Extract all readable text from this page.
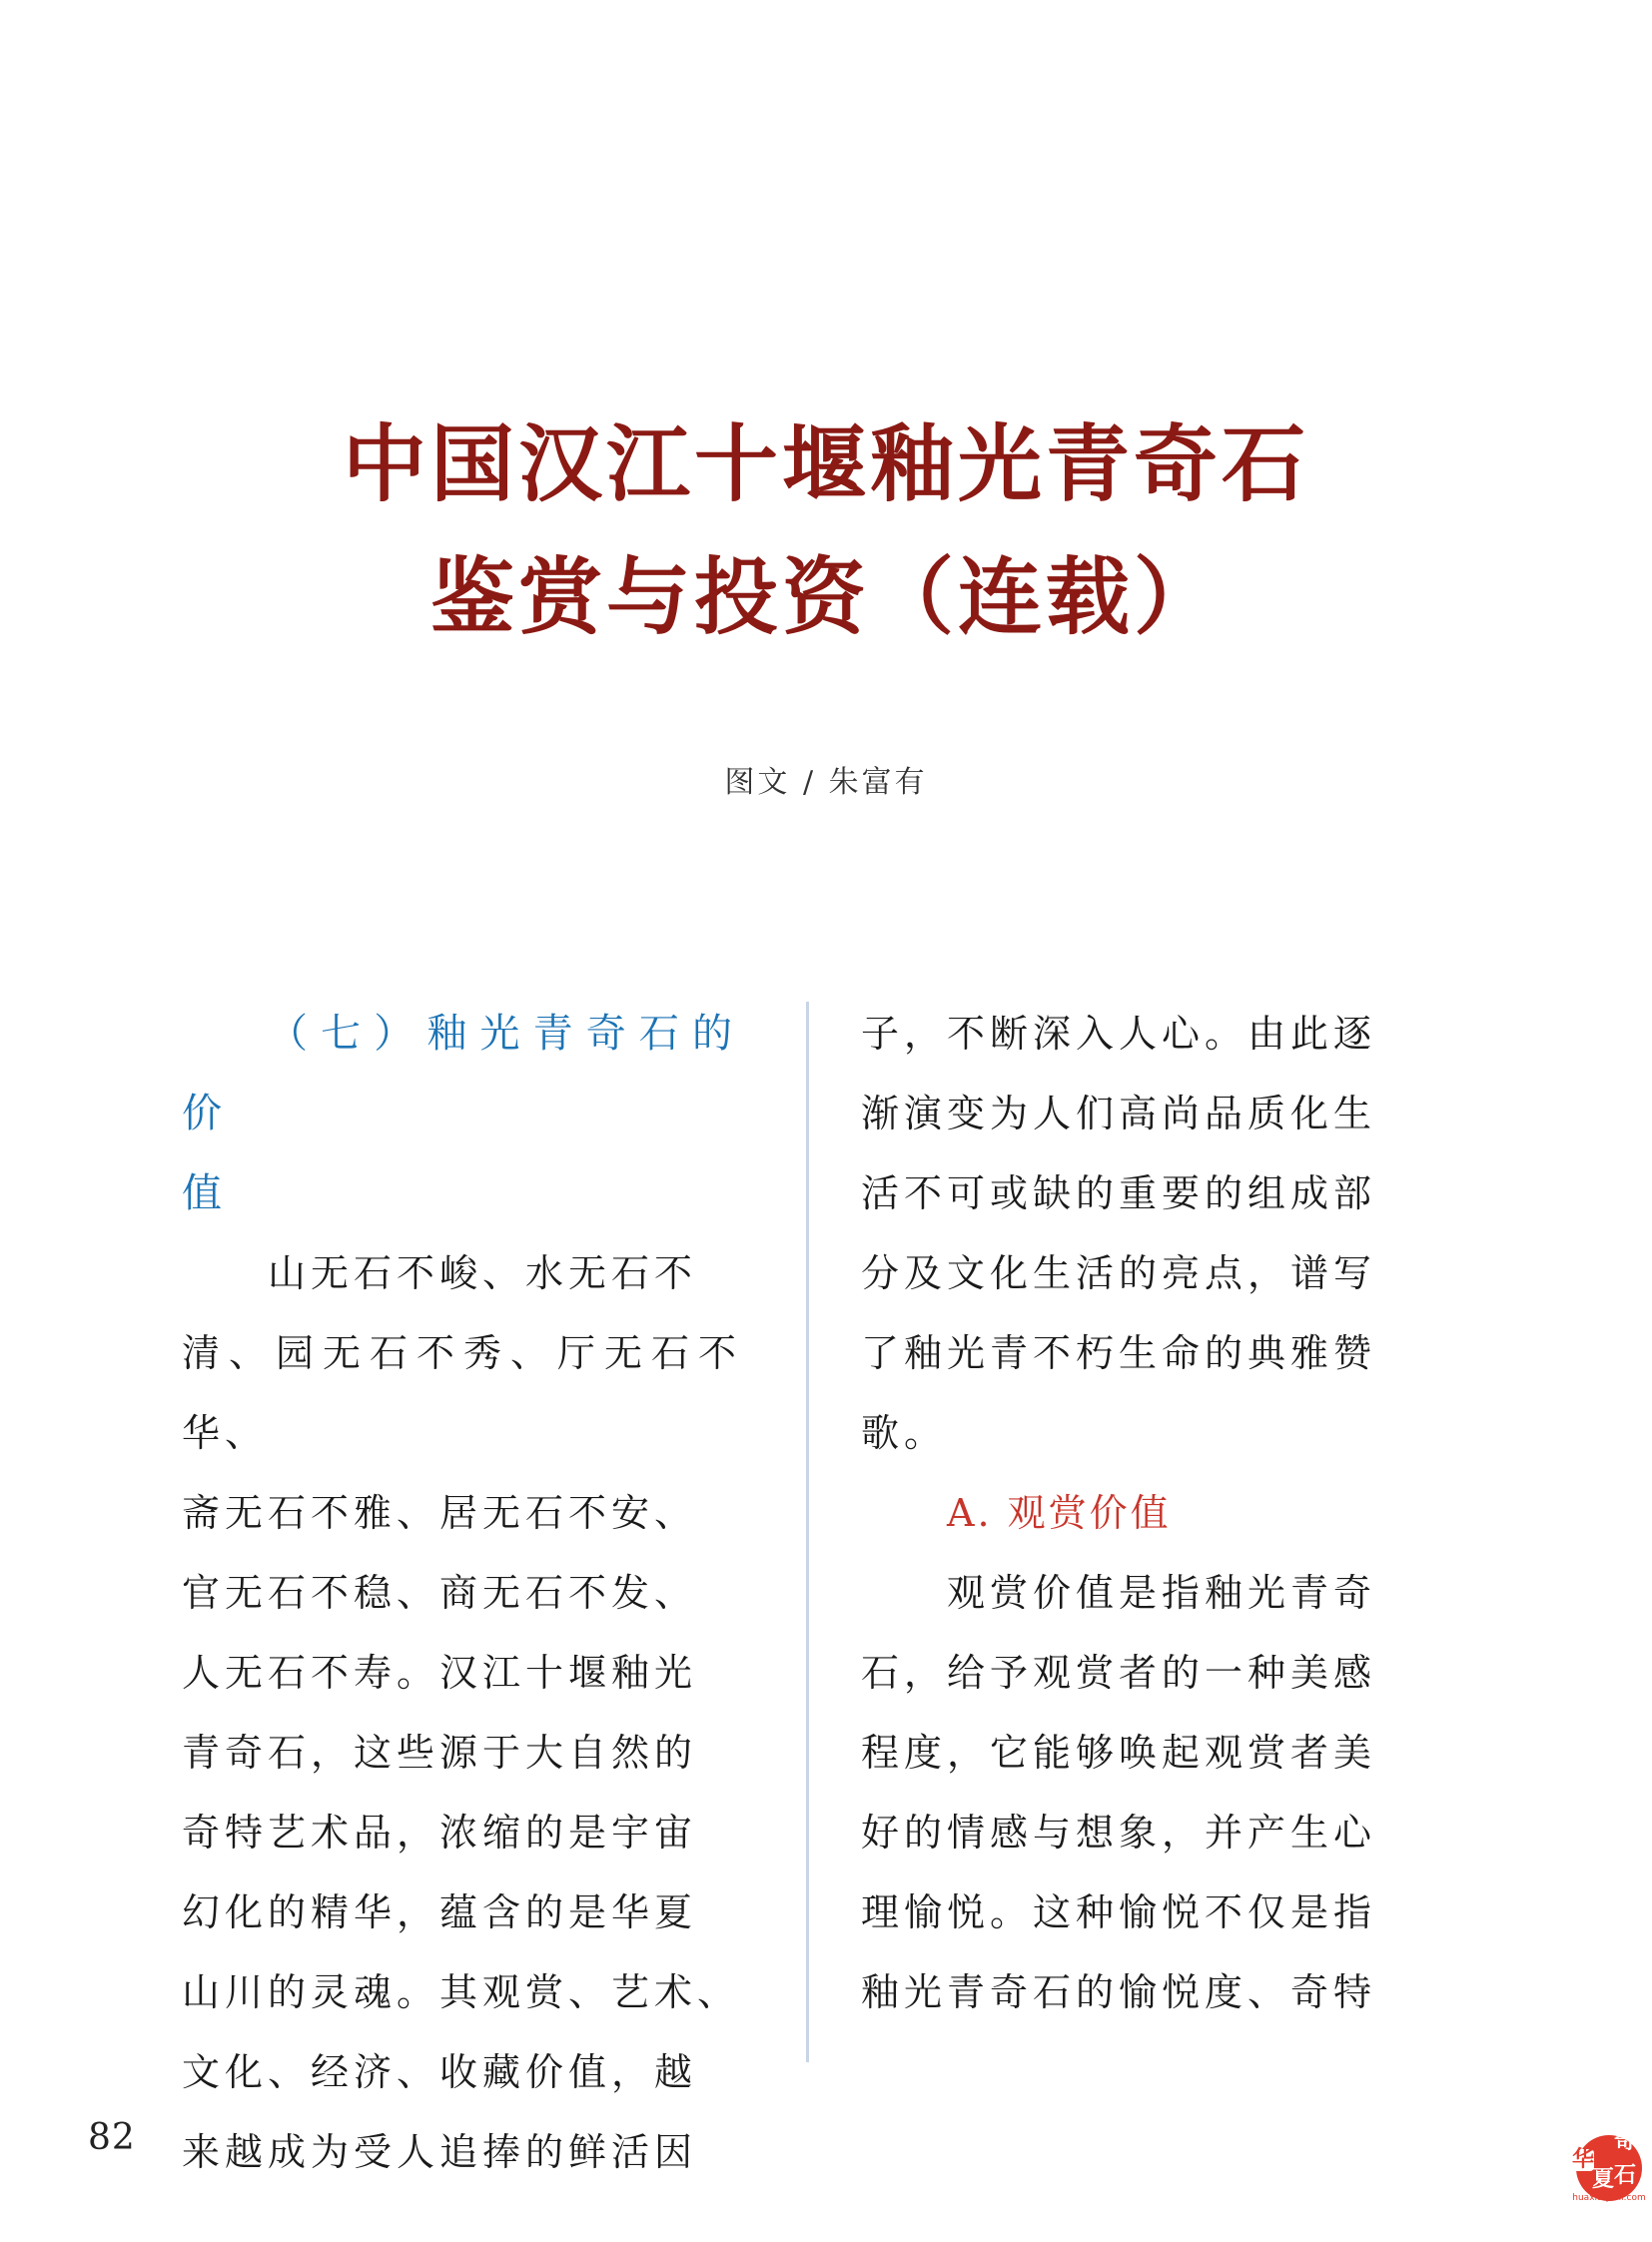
中国汉江十堰釉光青奇石
鉴赏与投资（连载）
图文 / 朱富有

（七）釉光青奇石的价
值

山无石不峻、水无石不

清、园无石不秀、厅无石不华、

斋无石不雅、居无石不安、

官无石不稳、商无石不发、

人无石不寿。汉江十堰釉光

青奇石，这些源于大自然的

奇特艺术品，浓缩的是宇宙

幻化的精华，蕴含的是华夏

山川的灵魂。其观赏、艺术、

文化、经济、收藏价值，越

来越成为受人追捧的鲜活因

子，不断深入人心。由此逐

渐演变为人们高尚品质化生

活不可或缺的重要的组成部

分及文化生活的亮点，谱写

了釉光青不朽生命的典雅赞

歌。

A. 观赏价值

观赏价值是指釉光青奇

石，给予观赏者的一种美感

程度，它能够唤起观赏者美

好的情感与想象，并产生心

理愉悦。这种愉悦不仅是指

釉光青奇石的愉悦度、奇特

82
华
奇
夏 石
huaxiaqishi.com
